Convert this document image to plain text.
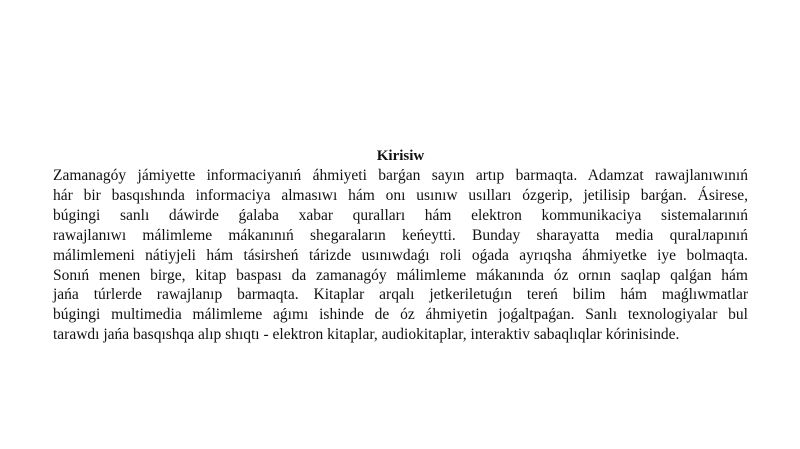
Kirisiw

Zamanagóy jámiyette informaciyanıń áhmiyeti barǵan sayın artıp barmaqta. Adamzat rawajlanıwınıń
hár bir basqıshında informaciya almasıwı hám onı usınıw usılları ózgerip, jetilisip barǵan. Ásirese,
búgingi sanlı dáwirde ǵalaba xabar quralları hám elektron kommunikaciya sistemalarınıń
rawajlanıwı málimleme mákanınıń shegaraların keńeytti. Bunday sharayatta media quralларınıń
málimlemeni nátiyjeli hám tásirsheń tárizde usınıwdaǵı roli oǵada ayrıqsha áhmiyetke iye bolmaqta.
Sonıń menen birge, kitap baspası da zamanagóy málimleme mákanında óz ornın saqlap qalǵan hám
jańa túrlerde rawajlanıp barmaqta. Kitaplar arqalı jetkeriletuǵın tereń bilim hám maǵlıwmatlar
búgingi multimedia málimleme aǵımı ishinde de óz áhmiyetin joǵaltpaǵan. Sanlı texnologiyalar bul
tarawdı jańa basqıshqa alıp shıqtı - elektron kitaplar, audiokitaplar, interaktiv sabaqlıqlar kórinisinde.
